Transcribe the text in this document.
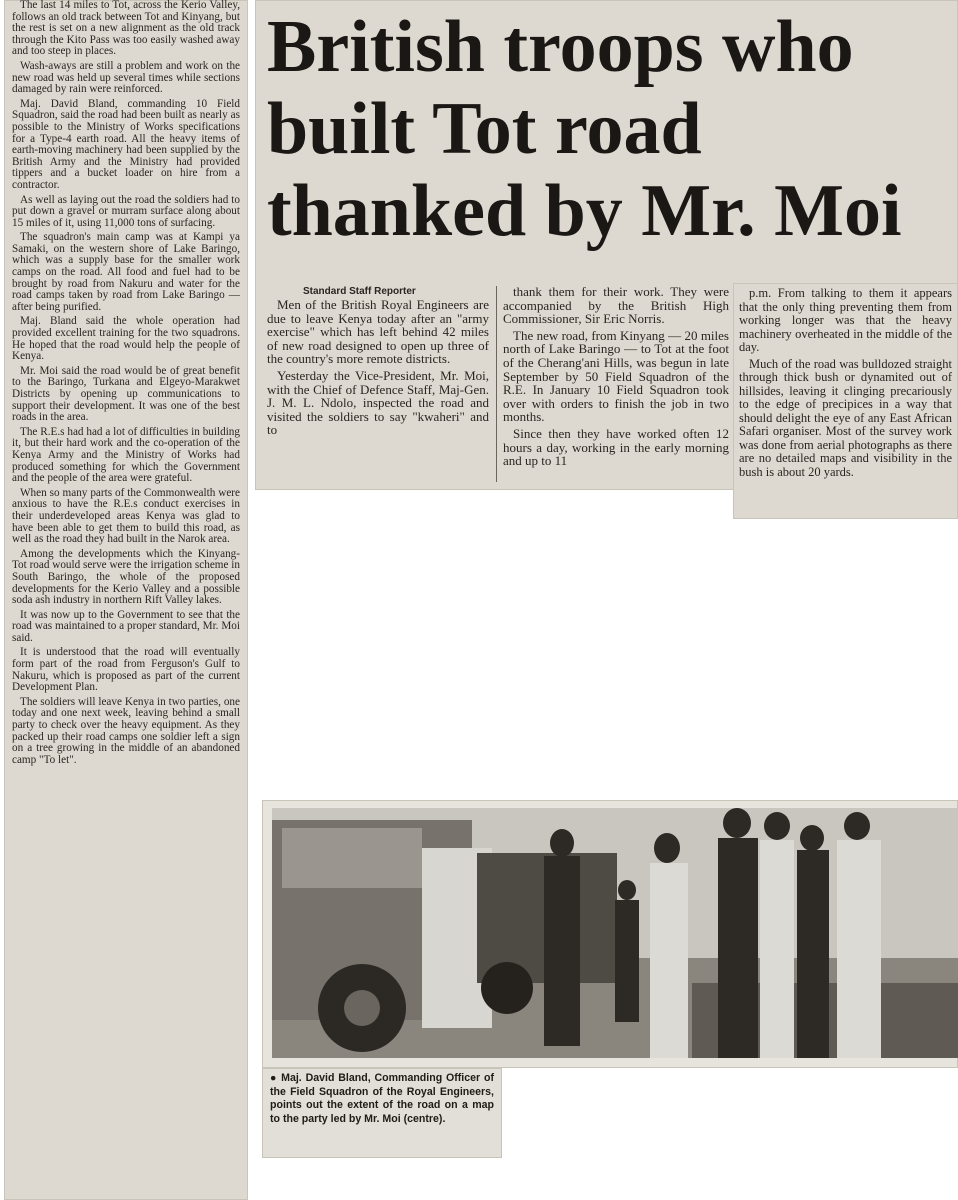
The last 14 miles to Tot, across the Kerio Valley, follows an old track between Tot and Kinyang, but the rest is set on a new alignment as the old track through the Kito Pass was too easily washed away and too steep in places.

Wash-aways are still a problem and work on the new road was held up several times while sections damaged by rain were reinforced.

Maj. David Bland, commanding 10 Field Squadron, said the road had been built as nearly as possible to the Ministry of Works specifications for a Type-4 earth road. All the heavy items of earth-moving machinery had been supplied by the British Army and the Ministry had provided tippers and a bucket loader on hire from a contractor.

As well as laying out the road the soldiers had to put down a gravel or murram surface along about 15 miles of it, using 11,000 tons of surfacing.

The squadron's main camp was at Kampi ya Samaki, on the western shore of Lake Baringo, which was a supply base for the smaller work camps on the road. All food and fuel had to be brought by road from Nakuru and water for the road camps taken by road from Lake Baringo — after being purified.

Maj. Bland said the whole operation had provided excellent training for the two squadrons. He hoped that the road would help the people of Kenya.

Mr. Moi said the road would be of great benefit to the Baringo, Turkana and Elgeyo-Marakwet Districts by opening up communications to support their development. It was one of the best roads in the area.

The R.E.s had had a lot of difficulties in building it, but their hard work and the co-operation of the Kenya Army and the Ministry of Works had produced something for which the Government and the people of the area were grateful.

When so many parts of the Commonwealth were anxious to have the R.E.s conduct exercises in their underdeveloped areas Kenya was glad to have been able to get them to build this road, as well as the road they had built in the Narok area.

Among the developments which the Kinyang-Tot road would serve were the irrigation scheme in South Baringo, the whole of the proposed developments for the Kerio Valley and a possible soda ash industry in northern Rift Valley lakes.

It was now up to the Government to see that the road was maintained to a proper standard, Mr. Moi said.

It is understood that the road will eventually form part of the road from Ferguson's Gulf to Nakuru, which is proposed as part of the current Development Plan.

The soldiers will leave Kenya in two parties, one today and one next week, leaving behind a small party to check over the heavy equipment. As they packed up their road camps one soldier left a sign on a tree growing in the middle of an abandoned camp "To let".

British troops who built Tot road thanked by Mr. Moi
Standard Staff Reporter

Men of the British Royal Engineers are due to leave Kenya today after an "army exercise" which has left behind 42 miles of new road designed to open up three of the country's more remote districts.

Yesterday the Vice-President, Mr. Moi, with the Chief of Defence Staff, Maj-Gen. J. M. L. Ndolo, inspected the road and visited the soldiers to say "kwaheri" and to

thank them for their work. They were accompanied by the British High Commissioner, Sir Eric Norris.

The new road, from Kinyang — 20 miles north of Lake Baringo — to Tot at the foot of the Cherang'ani Hills, was begun in late September by 50 Field Squadron of the R.E. In January 10 Field Squadron took over with orders to finish the job in two months.

Since then they have worked often 12 hours a day, working in the early morning and up to 11

p.m. From talking to them it appears that the only thing preventing them from working longer was that the heavy machinery overheated in the middle of the day.

Much of the road was bulldozed straight through thick bush or dynamited out of hillsides, leaving it clinging precariously to the edge of precipices in a way that should delight the eye of any East African Safari organiser. Most of the survey work was done from aerial photographs as there are no detailed maps and visibility in the bush is about 20 yards.

● Maj. David Bland, Commanding Officer of the Field Squadron of the Royal Engineers, points out the extent of the road on a map to the party led by Mr. Moi (centre).
